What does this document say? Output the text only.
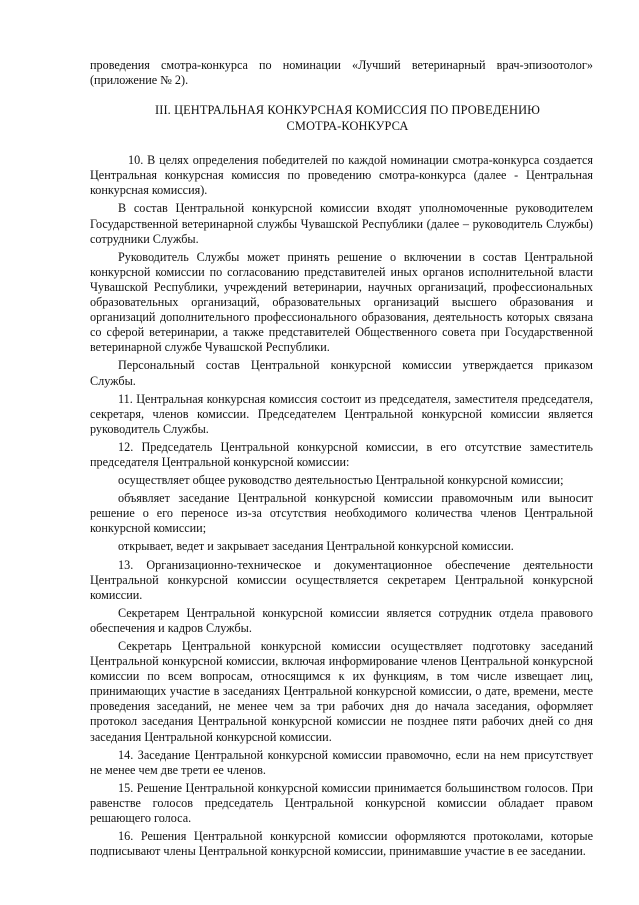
проведения смотра-конкурса по номинации «Лучший ветеринарный врач-эпизоотолог» (приложение № 2).

III. ЦЕНТРАЛЬНАЯ КОНКУРСНАЯ КОМИССИЯ ПО ПРОВЕДЕНИЮ
СМОТРА-КОНКУРСА

10. В целях определения победителей по каждой номинации смотра-конкурса создается Центральная конкурсная комиссия по проведению смотра-конкурса (далее - Центральная конкурсная комиссия).

В состав Центральной конкурсной комиссии входят уполномоченные руководителем Государственной ветеринарной службы Чувашской Республики (далее – руководитель Службы) сотрудники Службы.

Руководитель Службы может принять решение о включении в состав Центральной конкурсной комиссии по согласованию представителей иных органов исполнительной власти Чувашской Республики, учреждений ветеринарии, научных организаций, профессиональных образовательных организаций, образовательных организаций высшего образования и организаций дополнительного профессионального образования, деятельность которых связана со сферой ветеринарии, а также представителей Общественного совета при Государственной ветеринарной службе Чувашской Республики.

Персональный состав Центральной конкурсной комиссии утверждается приказом Службы.

11. Центральная конкурсная комиссия состоит из председателя, заместителя председателя, секретаря, членов комиссии. Председателем Центральной конкурсной комиссии является руководитель Службы.

12. Председатель Центральной конкурсной комиссии, в его отсутствие заместитель председателя Центральной конкурсной комиссии:

осуществляет общее руководство деятельностью Центральной конкурсной комиссии;

объявляет заседание Центральной конкурсной комиссии правомочным или выносит решение о его переносе из-за отсутствия необходимого количества членов Центральной конкурсной комиссии;

открывает, ведет и закрывает заседания Центральной конкурсной комиссии.

13. Организационно-техническое и документационное обеспечение деятельности Центральной конкурсной комиссии осуществляется секретарем Центральной конкурсной комиссии.

Секретарем Центральной конкурсной комиссии является сотрудник отдела правового обеспечения и кадров Службы.

Секретарь Центральной конкурсной комиссии осуществляет подготовку заседаний Центральной конкурсной комиссии, включая информирование членов Центральной конкурсной комиссии по всем вопросам, относящимся к их функциям, в том числе извещает лиц, принимающих участие в заседаниях Центральной конкурсной комиссии, о дате, времени, месте проведения заседаний, не менее чем за три рабочих дня до начала заседания, оформляет протокол заседания Центральной конкурсной комиссии не позднее пяти рабочих дней со дня заседания Центральной конкурсной комиссии.

14. Заседание Центральной конкурсной комиссии правомочно, если на нем присутствует не менее чем две трети ее членов.

15. Решение Центральной конкурсной комиссии принимается большинством голосов. При равенстве голосов председатель Центральной конкурсной комиссии обладает правом решающего голоса.

16. Решения Центральной конкурсной комиссии оформляются протоколами, которые подписывают члены Центральной конкурсной комиссии, принимавшие участие в ее заседании.
